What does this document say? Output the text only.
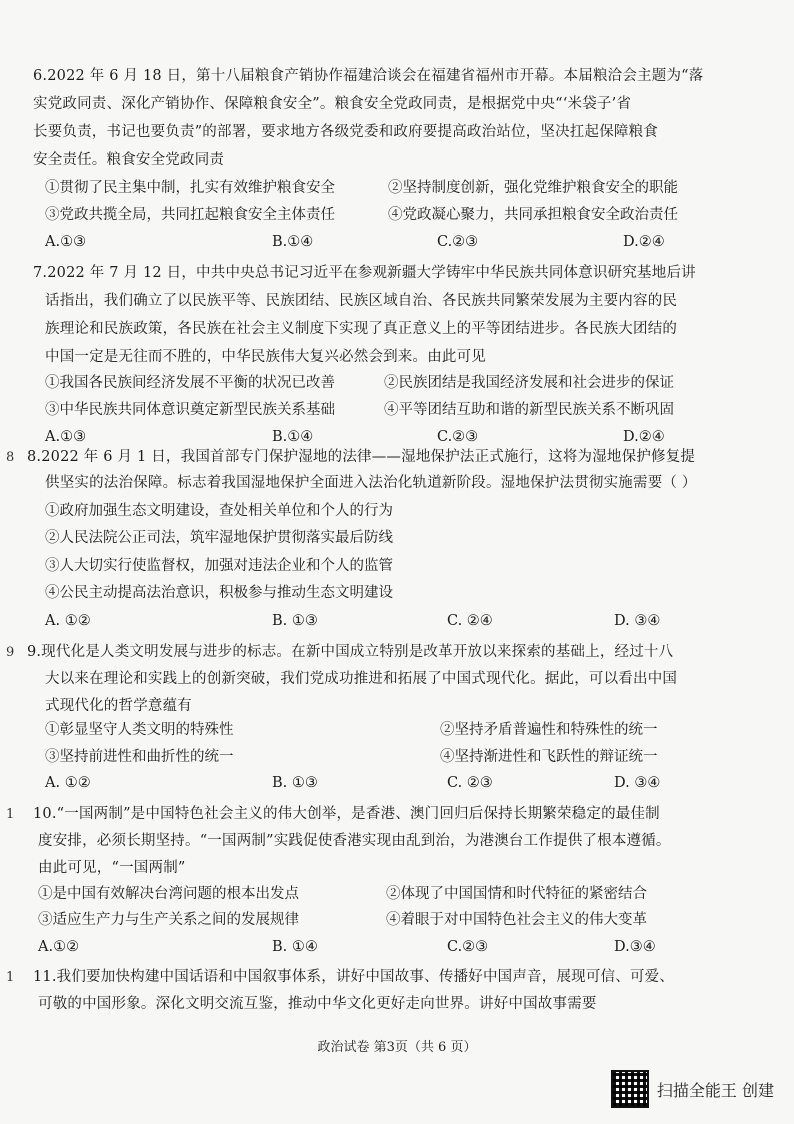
6.2022 年 6 月 18 日，第十八届粮食产销协作福建洽谈会在福建省福州市开幕。本届粮洽会主题为“落
实党政同责、深化产销协作、保障粮食安全”。粮食安全党政同责，是根据党中央“‘米袋子’省
长要负责，书记也要负责”的部署，要求地方各级党委和政府要提高政治站位，坚决扛起保障粮食
安全责任。粮食安全党政同责
①贯彻了民主集中制，扎实有效维护粮食安全	②坚持制度创新，强化党维护粮食安全的职能
③党政共揽全局，共同扛起粮食安全主体责任	④党政凝心聚力，共同承担粮食安全政治责任
A.①③	B.①④	C.②③	D.②④
7.2022 年 7 月 12 日，中共中央总书记习近平在参观新疆大学铸牢中华民族共同体意识研究基地后讲
话指出，我们确立了以民族平等、民族团结、民族区域自治、各民族共同繁荣发展为主要内容的民
族理论和民族政策，各民族在社会主义制度下实现了真正意义上的平等团结进步。各民族大团结的
中国一定是无往而不胜的，中华民族伟大复兴必然会到来。由此可见
①我国各民族间经济发展不平衡的状况已改善	②民族团结是我国经济发展和社会进步的保证
③中华民族共同体意识奠定新型民族关系基础	④平等团结互助和谐的新型民族关系不断巩固
A.①③	B.①④	C.②③	D.②④
8 8.2022 年 6 月 1 日，我国首部专门保护湿地的法律——湿地保护法正式施行，这将为湿地保护修复提
供坚实的法治保障。标志着我国湿地保护全面进入法治化轨道新阶段。湿地保护法贯彻实施需要（ ）
①政府加强生态文明建设，查处相关单位和个人的行为
②人民法院公正司法，筑牢湿地保护贯彻落实最后防线
③人大切实行使监督权，加强对违法企业和个人的监管
④公民主动提高法治意识，积极参与推动生态文明建设
A. ①②	B. ①③	C. ②④	D. ③④
9 9.现代化是人类文明发展与进步的标志。在新中国成立特别是改革开放以来探索的基础上，经过十八
大以来在理论和实践上的创新突破，我们党成功推进和拓展了中国式现代化。据此，可以看出中国
式现代化的哲学意蕴有
①彰显坚守人类文明的特殊性	②坚持矛盾普遍性和特殊性的统一
③坚持前进性和曲折性的统一	④坚持渐进性和飞跃性的辩证统一
A. ①②	B. ①③	C. ②③	D. ③④
1 10.“一国两制”是中国特色社会主义的伟大创举，是香港、澳门回归后保持长期繁荣稳定的最佳制
度安排，必须长期坚持。“一国两制”实践促使香港实现由乱到治，为港澳台工作提供了根本遵循。
由此可见，“一国两制”
①是中国有效解决台湾问题的根本出发点	②体现了中国国情和时代特征的紧密结合
③适应生产力与生产关系之间的发展规律	④着眼于对中国特色社会主义的伟大变革
A.①②	B. ①④	C.②③	D.③④
1 11.我们要加快构建中国话语和中国叙事体系，讲好中国故事、传播好中国声音，展现可信、可爱、
可敬的中国形象。深化文明交流互鉴，推动中华文化更好走向世界。讲好中国故事需要
政治试卷 第3页（共 6 页）
扫描全能王 创建
